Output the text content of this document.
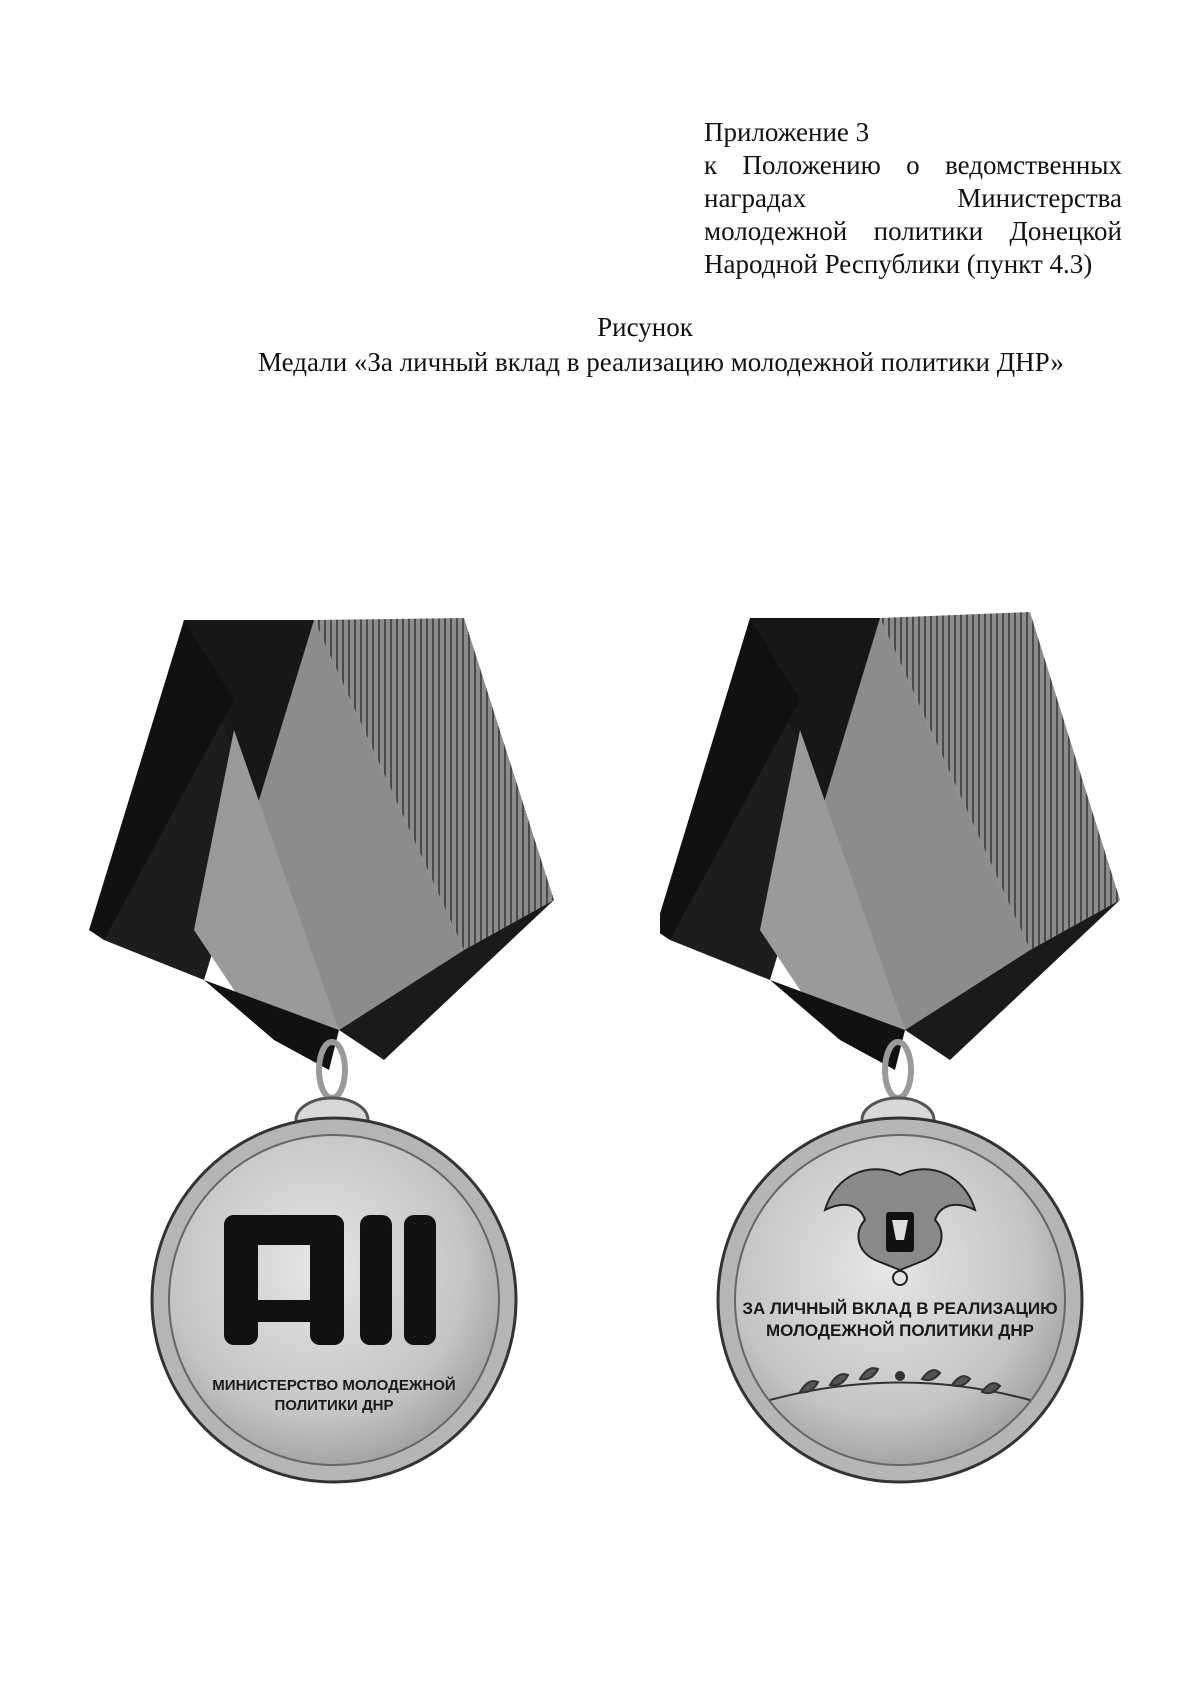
Приложение 3
к Положению о ведомственных
наградах Министерства
молодежной политики Донецкой
Народной Республики (пункт 4.3)
Рисунок
Медали «За личный вклад в реализацию молодежной политики ДНР»
МИНИСТЕРСТВО МОЛОДЕЖНОЙ
ПОЛИТИКИ ДНР
ЗА ЛИЧНЫЙ ВКЛАД В РЕАЛИЗАЦИЮ
МОЛОДЕЖНОЙ ПОЛИТИКИ ДНР
